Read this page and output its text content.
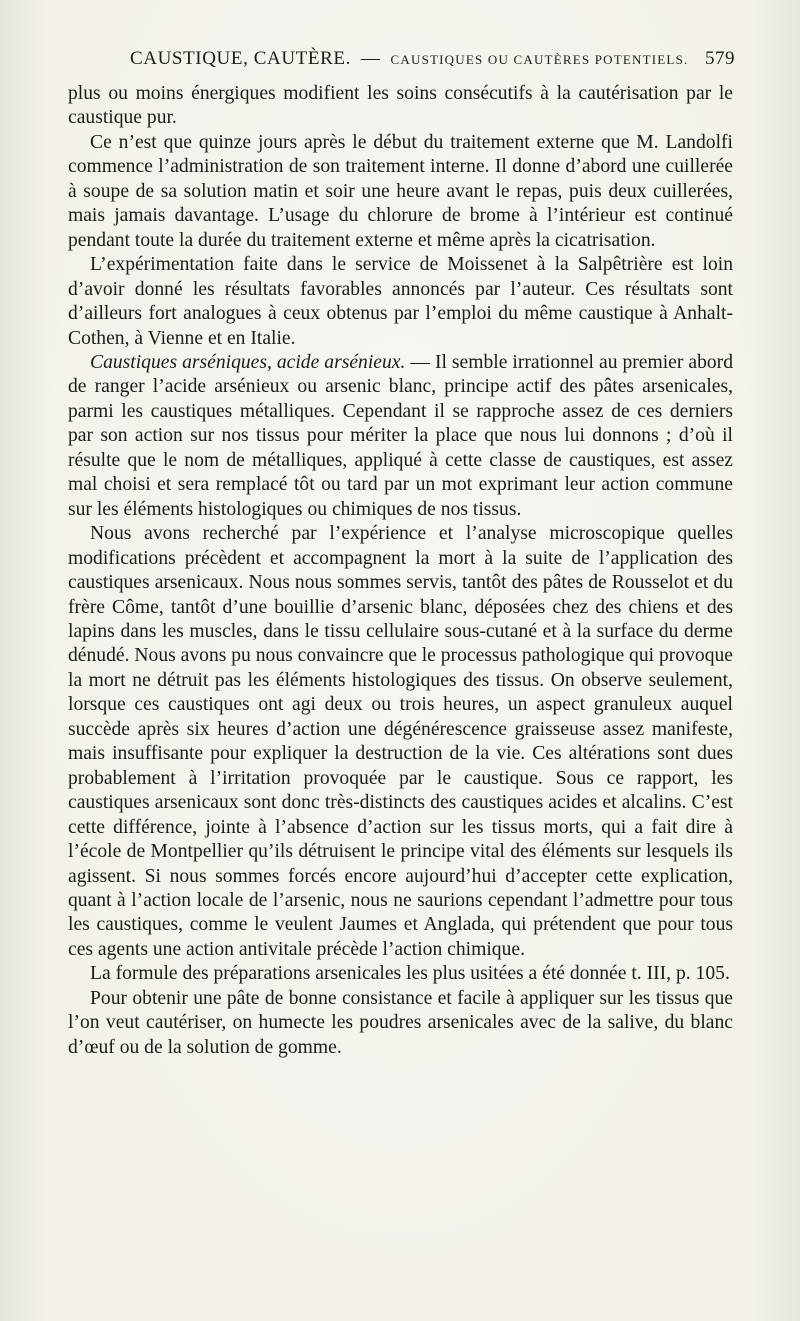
CAUSTIQUE, CAUTÈRE. — CAUSTIQUES OU CAUTÈRES POTENTIELS. 579

plus ou moins énergiques modifient les soins consécutifs à la cautérisation par le caustique pur.

Ce n’est que quinze jours après le début du traitement externe que M. Landolfi commence l’administration de son traitement interne. Il donne d’abord une cuillerée à soupe de sa solution matin et soir une heure avant le repas, puis deux cuillerées, mais jamais davantage. L’usage du chlorure de brome à l’intérieur est continué pendant toute la durée du traitement externe et même après la cicatrisation.

L’expérimentation faite dans le service de Moissenet à la Salpêtrière est loin d’avoir donné les résultats favorables annoncés par l’auteur. Ces résultats sont d’ailleurs fort analogues à ceux obtenus par l’emploi du même caustique à Anhalt-Cothen, à Vienne et en Italie.

Caustiques arséniques, acide arsénieux. — Il semble irrationnel au premier abord de ranger l’acide arsénieux ou arsenic blanc, principe actif des pâtes arsenicales, parmi les caustiques métalliques. Cependant il se rapproche assez de ces derniers par son action sur nos tissus pour mériter la place que nous lui donnons ; d’où il résulte que le nom de métalliques, appliqué à cette classe de caustiques, est assez mal choisi et sera remplacé tôt ou tard par un mot exprimant leur action commune sur les éléments histologiques ou chimiques de nos tissus.

Nous avons recherché par l’expérience et l’analyse microscopique quelles modifications précèdent et accompagnent la mort à la suite de l’application des caustiques arsenicaux. Nous nous sommes servis, tantôt des pâtes de Rousselot et du frère Côme, tantôt d’une bouillie d’arsenic blanc, déposées chez des chiens et des lapins dans les muscles, dans le tissu cellulaire sous-cutané et à la surface du derme dénudé. Nous avons pu nous convaincre que le processus pathologique qui provoque la mort ne détruit pas les éléments histologiques des tissus. On observe seulement, lorsque ces caustiques ont agi deux ou trois heures, un aspect granuleux auquel succède après six heures d’action une dégénérescence graisseuse assez manifeste, mais insuffisante pour expliquer la destruction de la vie. Ces altérations sont dues probablement à l’irritation provoquée par le caustique. Sous ce rapport, les caustiques arsenicaux sont donc très-distincts des caustiques acides et alcalins. C’est cette différence, jointe à l’absence d’action sur les tissus morts, qui a fait dire à l’école de Montpellier qu’ils détruisent le principe vital des éléments sur lesquels ils agissent. Si nous sommes forcés encore aujourd’hui d’accepter cette explication, quant à l’action locale de l’arsenic, nous ne saurions cependant l’admettre pour tous les caustiques, comme le veulent Jaumes et Anglada, qui prétendent que pour tous ces agents une action antivitale précède l’action chimique.

La formule des préparations arsenicales les plus usitées a été donnée t. III, p. 105.

Pour obtenir une pâte de bonne consistance et facile à appliquer sur les tissus que l’on veut cautériser, on humecte les poudres arsenicales avec de la salive, du blanc d’œuf ou de la solution de gomme.
